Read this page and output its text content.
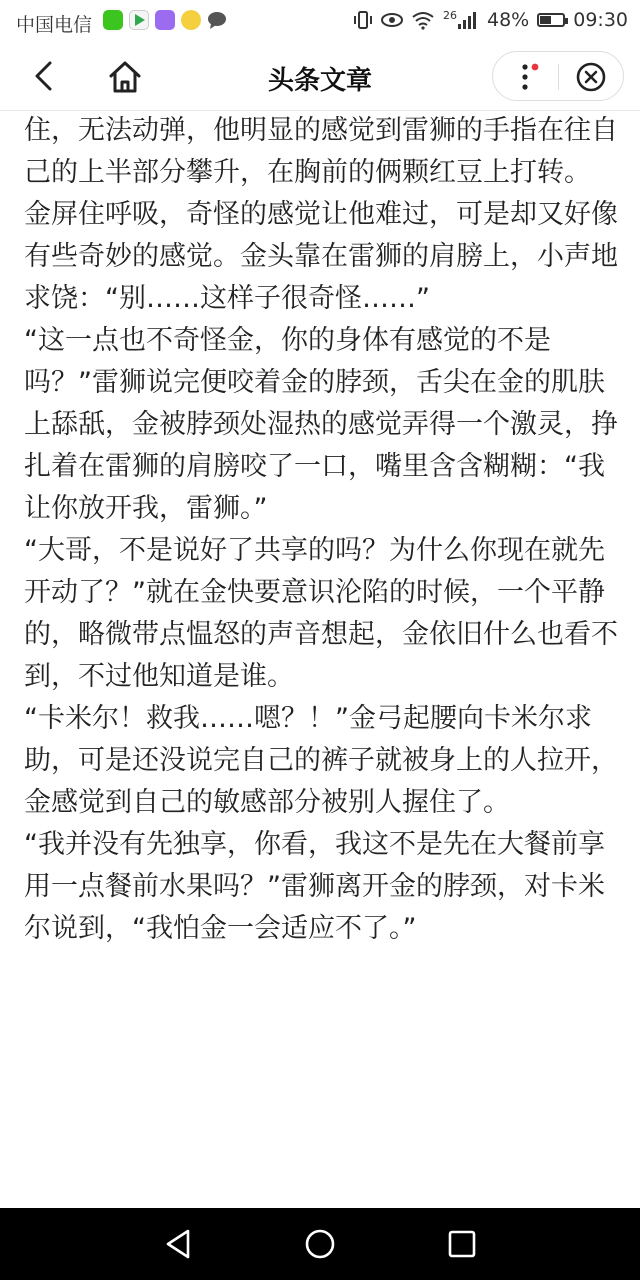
中国电信	26 48% 09:30
头条文章

住，无法动弹，他明显的感觉到雷狮的手指在往自己的上半部分攀升，在胸前的俩颗红豆上打转。

金屏住呼吸，奇怪的感觉让他难过，可是却又好像有些奇妙的感觉。金头靠在雷狮的肩膀上，小声地求饶：“别……这样子很奇怪……”

“这一点也不奇怪金，你的身体有感觉的不是吗？”雷狮说完便咬着金的脖颈，舌尖在金的肌肤上舔舐，金被脖颈处湿热的感觉弄得一个激灵，挣扎着在雷狮的肩膀咬了一口，嘴里含含糊糊：“我让你放开我，雷狮。”

“大哥，不是说好了共享的吗？为什么你现在就先开动了？”就在金快要意识沦陷的时候，一个平静的，略微带点愠怒的声音想起，金依旧什么也看不到，不过他知道是谁。

“卡米尔！救我……嗯？！”金弓起腰向卡米尔求助，可是还没说完自己的裤子就被身上的人拉开，金感觉到自己的敏感部分被别人握住了。

“我并没有先独享，你看，我这不是先在大餐前享用一点餐前水果吗？”雷狮离开金的脖颈，对卡米尔说到，“我怕金一会适应不了。”
